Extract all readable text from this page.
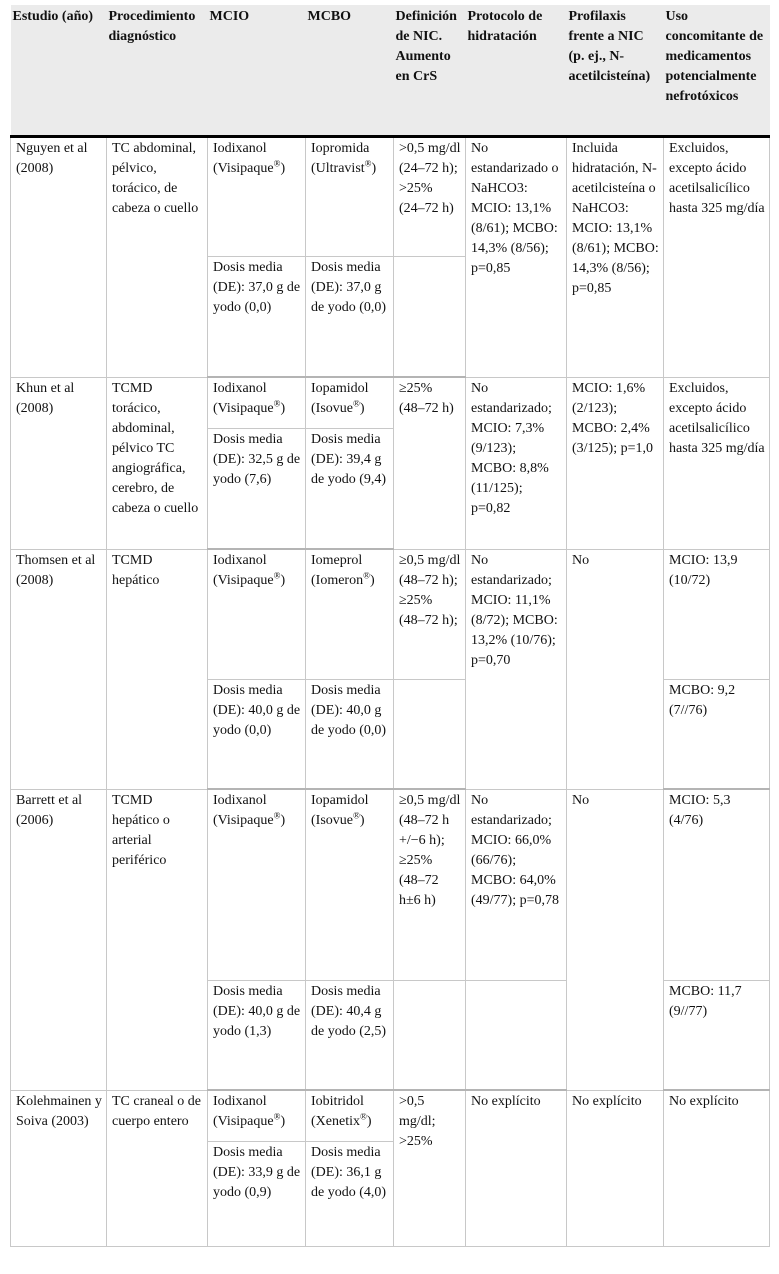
Estudio (año)	Procedimiento diagnóstico	MCIO	MCBO	Definición de NIC. Aumento en CrS	Protocolo de hidratación	Profilaxis frente a NIC (p. ej., N-acetilcisteína)	Uso concomitante de medicamentos potencialmente nefrotóxicos
Nguyen et al (2008)	TC abdominal, pélvico, torácico, de cabeza o cuello	Iodixanol (Visipaque®)	Iopromida (Ultravist®)	>0,5 mg/dl (24–72 h); >25% (24–72 h)	No estandarizado o NaHCO3: MCIO: 13,1% (8/61); MCBO: 14,3% (8/56); p=0,85	Incluida hidratación, N-acetilcisteína o NaHCO3: MCIO: 13,1% (8/61); MCBO: 14,3% (8/56); p=0,85	Excluidos, excepto ácido acetilsalicílico hasta 325 mg/día
		Dosis media (DE): 37,0 g de yodo (0,0)	Dosis media (DE): 37,0 g de yodo (0,0)				
Khun et al (2008)	TCMD torácico, abdominal, pélvico TC angiográfica, cerebro, de cabeza o cuello	Iodixanol (Visipaque®)	Iopamidol (Isovue®)	≥25% (48–72 h)	No estandarizado; MCIO: 7,3% (9/123); MCBO: 8,8% (11/125); p=0,82	MCIO: 1,6% (2/123); MCBO: 2,4% (3/125); p=1,0	Excluidos, excepto ácido acetilsalicílico hasta 325 mg/día
		Dosis media (DE): 32,5 g de yodo (7,6)	Dosis media (DE): 39,4 g de yodo (9,4)				
Thomsen et al (2008)	TCMD hepático	Iodixanol (Visipaque®)	Iomeprol (Iomeron®)	≥0,5 mg/dl (48–72 h); ≥25% (48–72 h);	No estandarizado; MCIO: 11,1% (8/72); MCBO: 13,2% (10/76); p=0,70	No	MCIO: 13,9 (10/72)
		Dosis media (DE): 40,0 g de yodo (0,0)	Dosis media (DE): 40,0 g de yodo (0,0)				MCBO: 9,2 (7//76)
Barrett et al (2006)	TCMD hepático o arterial periférico	Iodixanol (Visipaque®)	Iopamidol (Isovue®)	≥0,5 mg/dl (48–72 h +/−6 h); ≥25% (48–72 h±6 h)	No estandarizado; MCIO: 66,0% (66/76); MCBO: 64,0% (49/77); p=0,78	No	MCIO: 5,3 (4/76)
		Dosis media (DE): 40,0 g de yodo (1,3)	Dosis media (DE): 40,4 g de yodo (2,5)				MCBO: 11,7 (9//77)
Kolehmainen y Soiva (2003)	TC craneal o de cuerpo entero	Iodixanol (Visipaque®)	Iobitridol (Xenetix®)	>0,5 mg/dl; >25%	No explícito	No explícito	No explícito
		Dosis media (DE): 33,9 g de yodo (0,9)	Dosis media (DE): 36,1 g de yodo (4,0)				
